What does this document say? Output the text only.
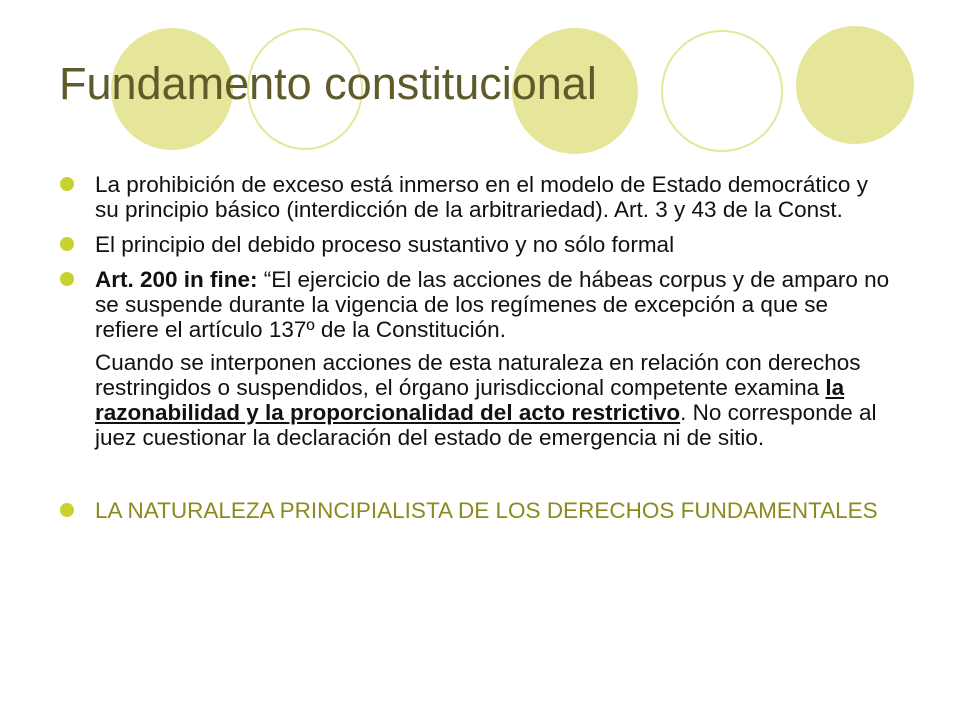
Fundamento constitucional
La prohibición de exceso está inmerso en el modelo de Estado democrático y su principio básico (interdicción de la arbitrariedad). Art. 3 y 43 de la Const.
El principio del debido proceso sustantivo y no sólo formal
Art. 200 in fine: “El ejercicio de las acciones de hábeas corpus y de amparo no se suspende durante la vigencia de los regímenes de excepción a que se refiere el artículo 137º de la Constitución.
Cuando se interponen acciones de esta naturaleza en relación con derechos restringidos o suspendidos, el órgano jurisdiccional competente examina la razonabilidad y la proporcionalidad del acto restrictivo. No corresponde al juez cuestionar la declaración del estado de emergencia ni de sitio.
LA NATURALEZA PRINCIPIALISTA DE LOS DERECHOS FUNDAMENTALES
